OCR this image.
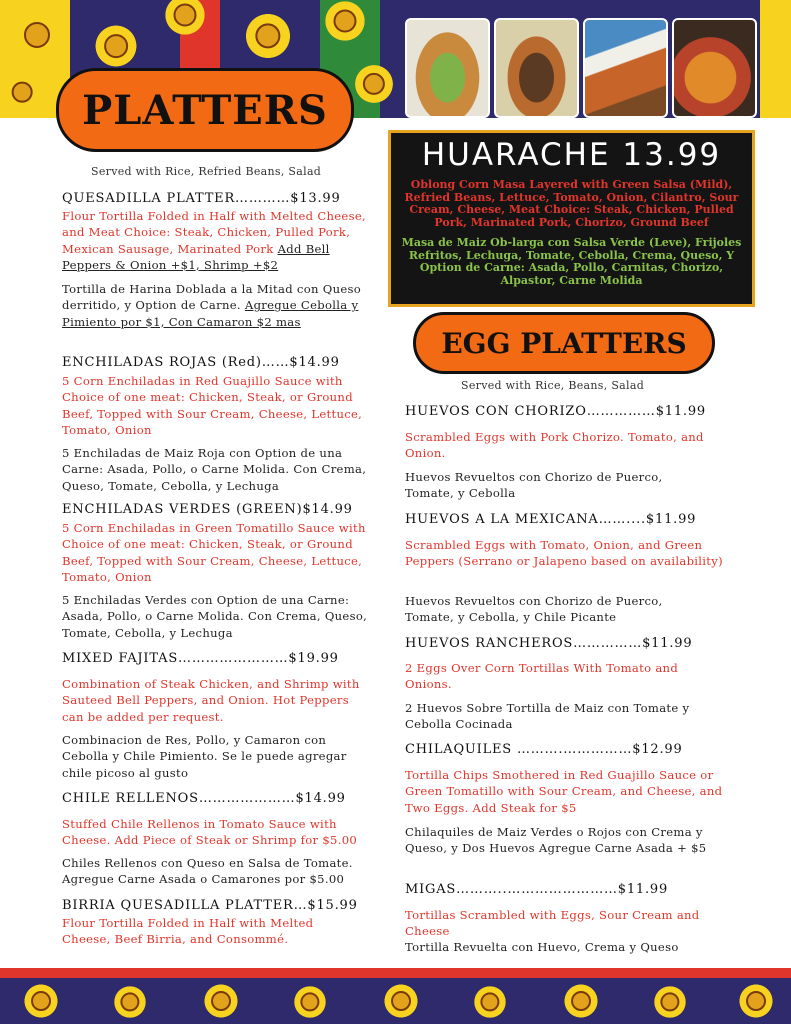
PLATTERS
Served with Rice, Refried Beans, Salad
QUESADILLA PLATTER…………$13.99
Flour Tortilla Folded in Half with Melted Cheese, and Meat Choice: Steak, Chicken, Pulled Pork, Mexican Sausage, Marinated Pork Add Bell Peppers & Onion +$1, Shrimp +$2
Tortilla de Harina Doblada a la Mitad con Queso derritido, y Option de Carne. Agregue Cebolla y Pimiento por $1, Con Camaron $2 mas
ENCHILADAS ROJAS (Red)……$14.99
5 Corn Enchiladas in Red Guajillo Sauce with Choice of one meat: Chicken, Steak, or Ground Beef, Topped with Sour Cream, Cheese, Lettuce, Tomato, Onion
5 Enchiladas de Maiz Roja con Option de una Carne: Asada, Pollo, o Carne Molida. Con Crema, Queso, Tomate, Cebolla, y Lechuga
ENCHILADAS VERDES (GREEN)$14.99
5 Corn Enchiladas in Green Tomatillo Sauce with Choice of one meat: Chicken, Steak, or Ground Beef, Topped with Sour Cream, Cheese, Lettuce, Tomato, Onion
5 Enchiladas Verdes con Option de una Carne: Asada, Pollo, o Carne Molida. Con Crema, Queso, Tomate, Cebolla, y Lechuga
MIXED FAJITAS……………………$19.99
Combination of Steak Chicken, and Shrimp with Sauteed Bell Peppers, and Onion. Hot Peppers can be added per request.
Combinacion de Res, Pollo, y Camaron con Cebolla y Chile Pimiento. Se le puede agregar chile picoso al gusto
CHILE RELLENOS…………………$14.99
Stuffed Chile Rellenos in Tomato Sauce with Cheese. Add Piece of Steak or Shrimp for $5.00
Chiles Rellenos con Queso en Salsa de Tomate. Agregue Carne Asada o Camarones por $5.00
BIRRIA QUESADILLA PLATTER…$15.99
Flour Tortilla Folded in Half with Melted Cheese, Beef Birria, and Consommé.
HUARACHE 13.99
Oblong Corn Masa Layered with Green Salsa (Mild), Refried Beans, Lettuce, Tomato, Onion, Cilantro, Sour Cream, Cheese, Meat Choice: Steak, Chicken, Pulled Pork, Marinated Pork, Chorizo, Ground Beef
Masa de Maiz Ob-larga con Salsa Verde (Leve), Frijoles Refritos, Lechuga, Tomate, Cebolla, Crema, Queso, Y Option de Carne: Asada, Pollo, Carnitas, Chorizo, Alpastor, Carne Molida
EGG PLATTERS
Served with Rice, Beans, Salad
HUEVOS CON CHORIZO……………$11.99
Scrambled Eggs with Pork Chorizo. Tomato, and Onion.
Huevos Revueltos con Chorizo de Puerco, Tomate, y Cebolla
HUEVOS A LA MEXICANA……....$11.99
Scrambled Eggs with Tomato, Onion, and Green Peppers (Serrano or Jalapeno based on availability)
Huevos Revueltos con Chorizo de Puerco, Tomate, y Cebolla, y Chile Picante
HUEVOS RANCHEROS……………$11.99
2 Eggs Over Corn Tortillas With Tomato and Onions.
2 Huevos Sobre Tortilla de Maiz con Tomate y Cebolla Cocinada
CHILAQUILES ……….……………$12.99
Tortilla Chips Smothered in Red Guajillo Sauce or Green Tomatillo with Sour Cream, and Cheese, and Two Eggs. Add Steak for $5
Chilaquiles de Maiz Verdes o Rojos con Crema y Queso, y Dos Huevos Agregue Carne Asada + $5
MIGAS………..……………………$11.99
Tortillas Scrambled with Eggs, Sour Cream and Cheese
Tortilla Revuelta con Huevo, Crema y Queso
